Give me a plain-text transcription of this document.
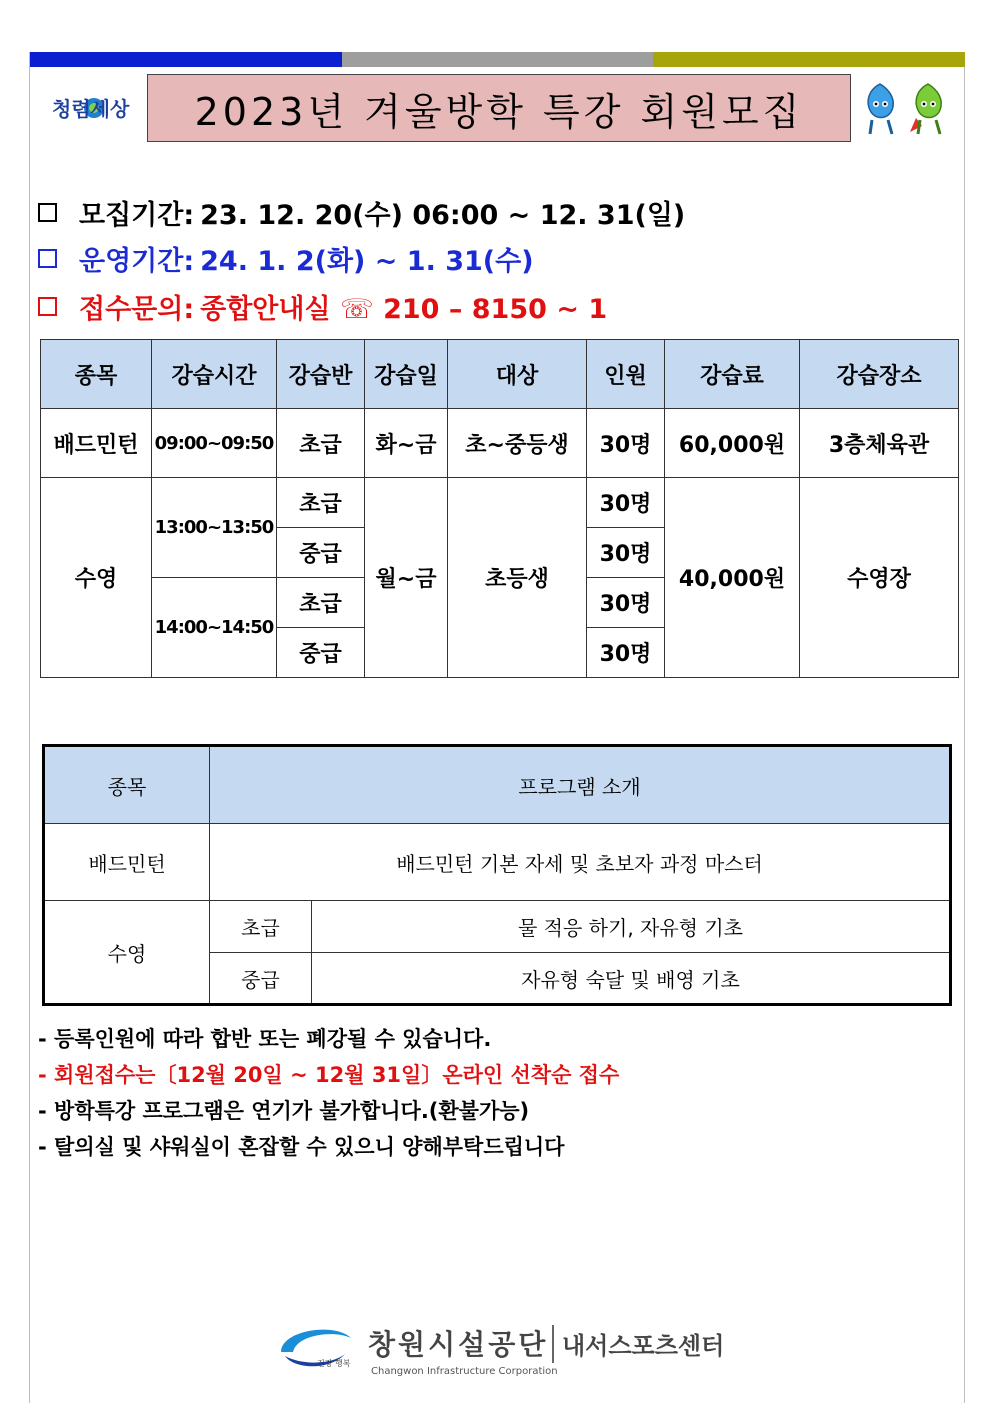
청렴세상	2023년 겨울방학 특강 회원모집
모집기간: 23. 12. 20(수) 06:00 ~ 12. 31(일)
운영기간: 24. 1. 2(화) ~ 1. 31(수)
접수문의: 종합안내실 ☏ 210 – 8150 ~ 1
종목	강습시간	강습반	강습일	대상	인원	강습료	강습장소
배드민턴	09:00~09:50	초급	화~금	초~중등생	30명	60,000원	3층체육관
수영	13:00~13:50	초급	월~금	초등생	30명	40,000원	수영장
		중급			30명		
	14:00~14:50	초급			30명		
		중급			30명		
종목	프로그램 소개	
배드민턴	배드민턴 기본 자세 및 초보자 과정 마스터	
수영	초급	물 적응 하기, 자유형 기초
	중급	자유형 숙달 및 배영 기초
- 등록인원에 따라 합반 또는 폐강될 수 있습니다.
- 회원접수는〔12월 20일 ~ 12월 31일〕온라인 선착순 접수
- 방학특강 프로그램은 연기가 불가합니다.(환불가능)
- 탈의실 및 샤워실이 혼잡할 수 있으니 양해부탁드립니다
건강 행복
창원시설공단
Changwon Infrastructure Corporation
내서스포츠센터
